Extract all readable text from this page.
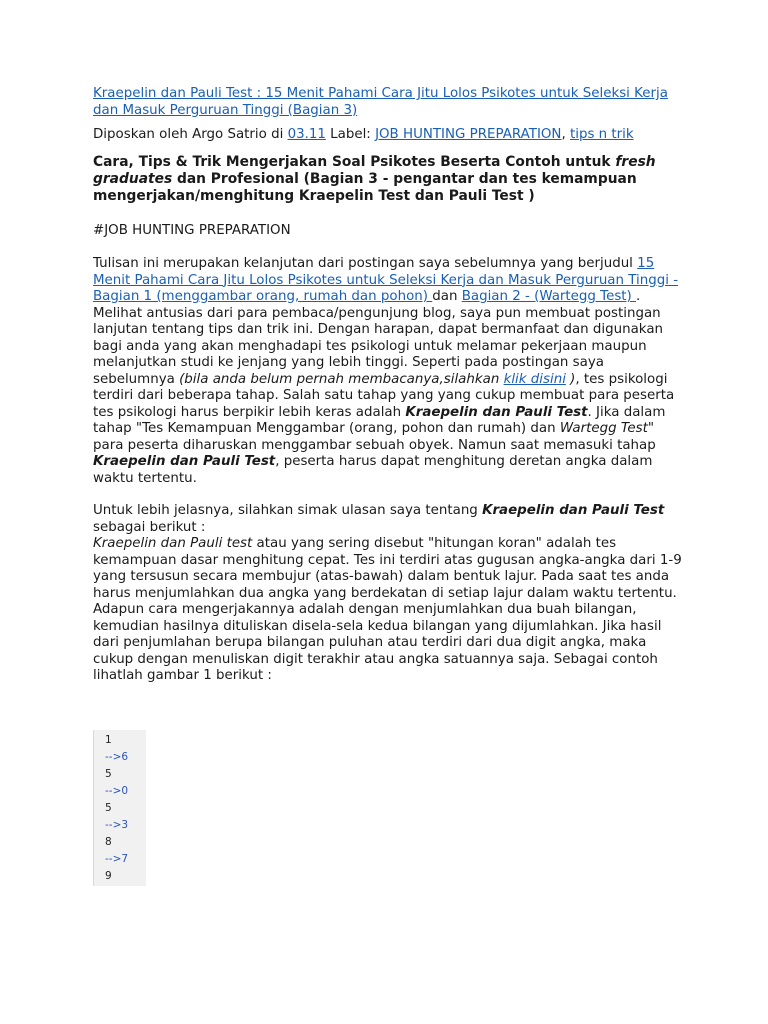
Kraepelin dan Pauli Test : 15 Menit Pahami Cara Jitu Lolos Psikotes untuk Seleksi Kerja dan Masuk Perguruan Tinggi (Bagian 3)

Diposkan oleh Argo Satrio di 03.11 Label: JOB HUNTING PREPARATION, tips n trik

Cara, Tips & Trik Mengerjakan Soal Psikotes Beserta Contoh untuk fresh graduates dan Profesional (Bagian 3 - pengantar dan tes kemampuan mengerjakan/menghitung Kraepelin Test dan Pauli Test )

#JOB HUNTING PREPARATION

Tulisan ini merupakan kelanjutan dari postingan saya sebelumnya yang berjudul 15 Menit Pahami Cara Jitu Lolos Psikotes untuk Seleksi Kerja dan Masuk Perguruan Tinggi - Bagian 1 (menggambar orang, rumah dan pohon) dan Bagian 2 - (Wartegg Test) . Melihat antusias dari para pembaca/pengunjung blog, saya pun membuat postingan lanjutan tentang tips dan trik ini. Dengan harapan, dapat bermanfaat dan digunakan bagi anda yang akan menghadapi tes psikologi untuk melamar pekerjaan maupun melanjutkan studi ke jenjang yang lebih tinggi. Seperti pada postingan saya sebelumnya (bila anda belum pernah membacanya,silahkan klik disini ), tes psikologi terdiri dari beberapa tahap. Salah satu tahap yang yang cukup membuat para peserta tes psikologi harus berpikir lebih keras adalah Kraepelin dan Pauli Test. Jika dalam tahap "Tes Kemampuan Menggambar (orang, pohon dan rumah) dan Wartegg Test" para peserta diharuskan menggambar sebuah obyek. Namun saat memasuki tahap Kraepelin dan Pauli Test, peserta harus dapat menghitung deretan angka dalam waktu tertentu.

Untuk lebih jelasnya, silahkan simak ulasan saya tentang Kraepelin dan Pauli Test sebagai berikut :

Kraepelin dan Pauli test atau yang sering disebut "hitungan koran" adalah tes kemampuan dasar menghitung cepat. Tes ini terdiri atas gugusan angka-angka dari 1-9 yang tersusun secara membujur (atas-bawah) dalam bentuk lajur. Pada saat tes anda harus menjumlahkan dua angka yang berdekatan di setiap lajur dalam waktu tertentu. Adapun cara mengerjakannya adalah dengan menjumlahkan dua buah bilangan, kemudian hasilnya dituliskan disela-sela kedua bilangan yang dijumlahkan. Jika hasil dari penjumlahan berupa bilangan puluhan atau terdiri dari dua digit angka, maka cukup dengan menuliskan digit terakhir atau angka satuannya saja. Sebagai contoh lihatlah gambar 1 berikut :

1
-->6
5
-->0
5
-->3
8
-->7
9
